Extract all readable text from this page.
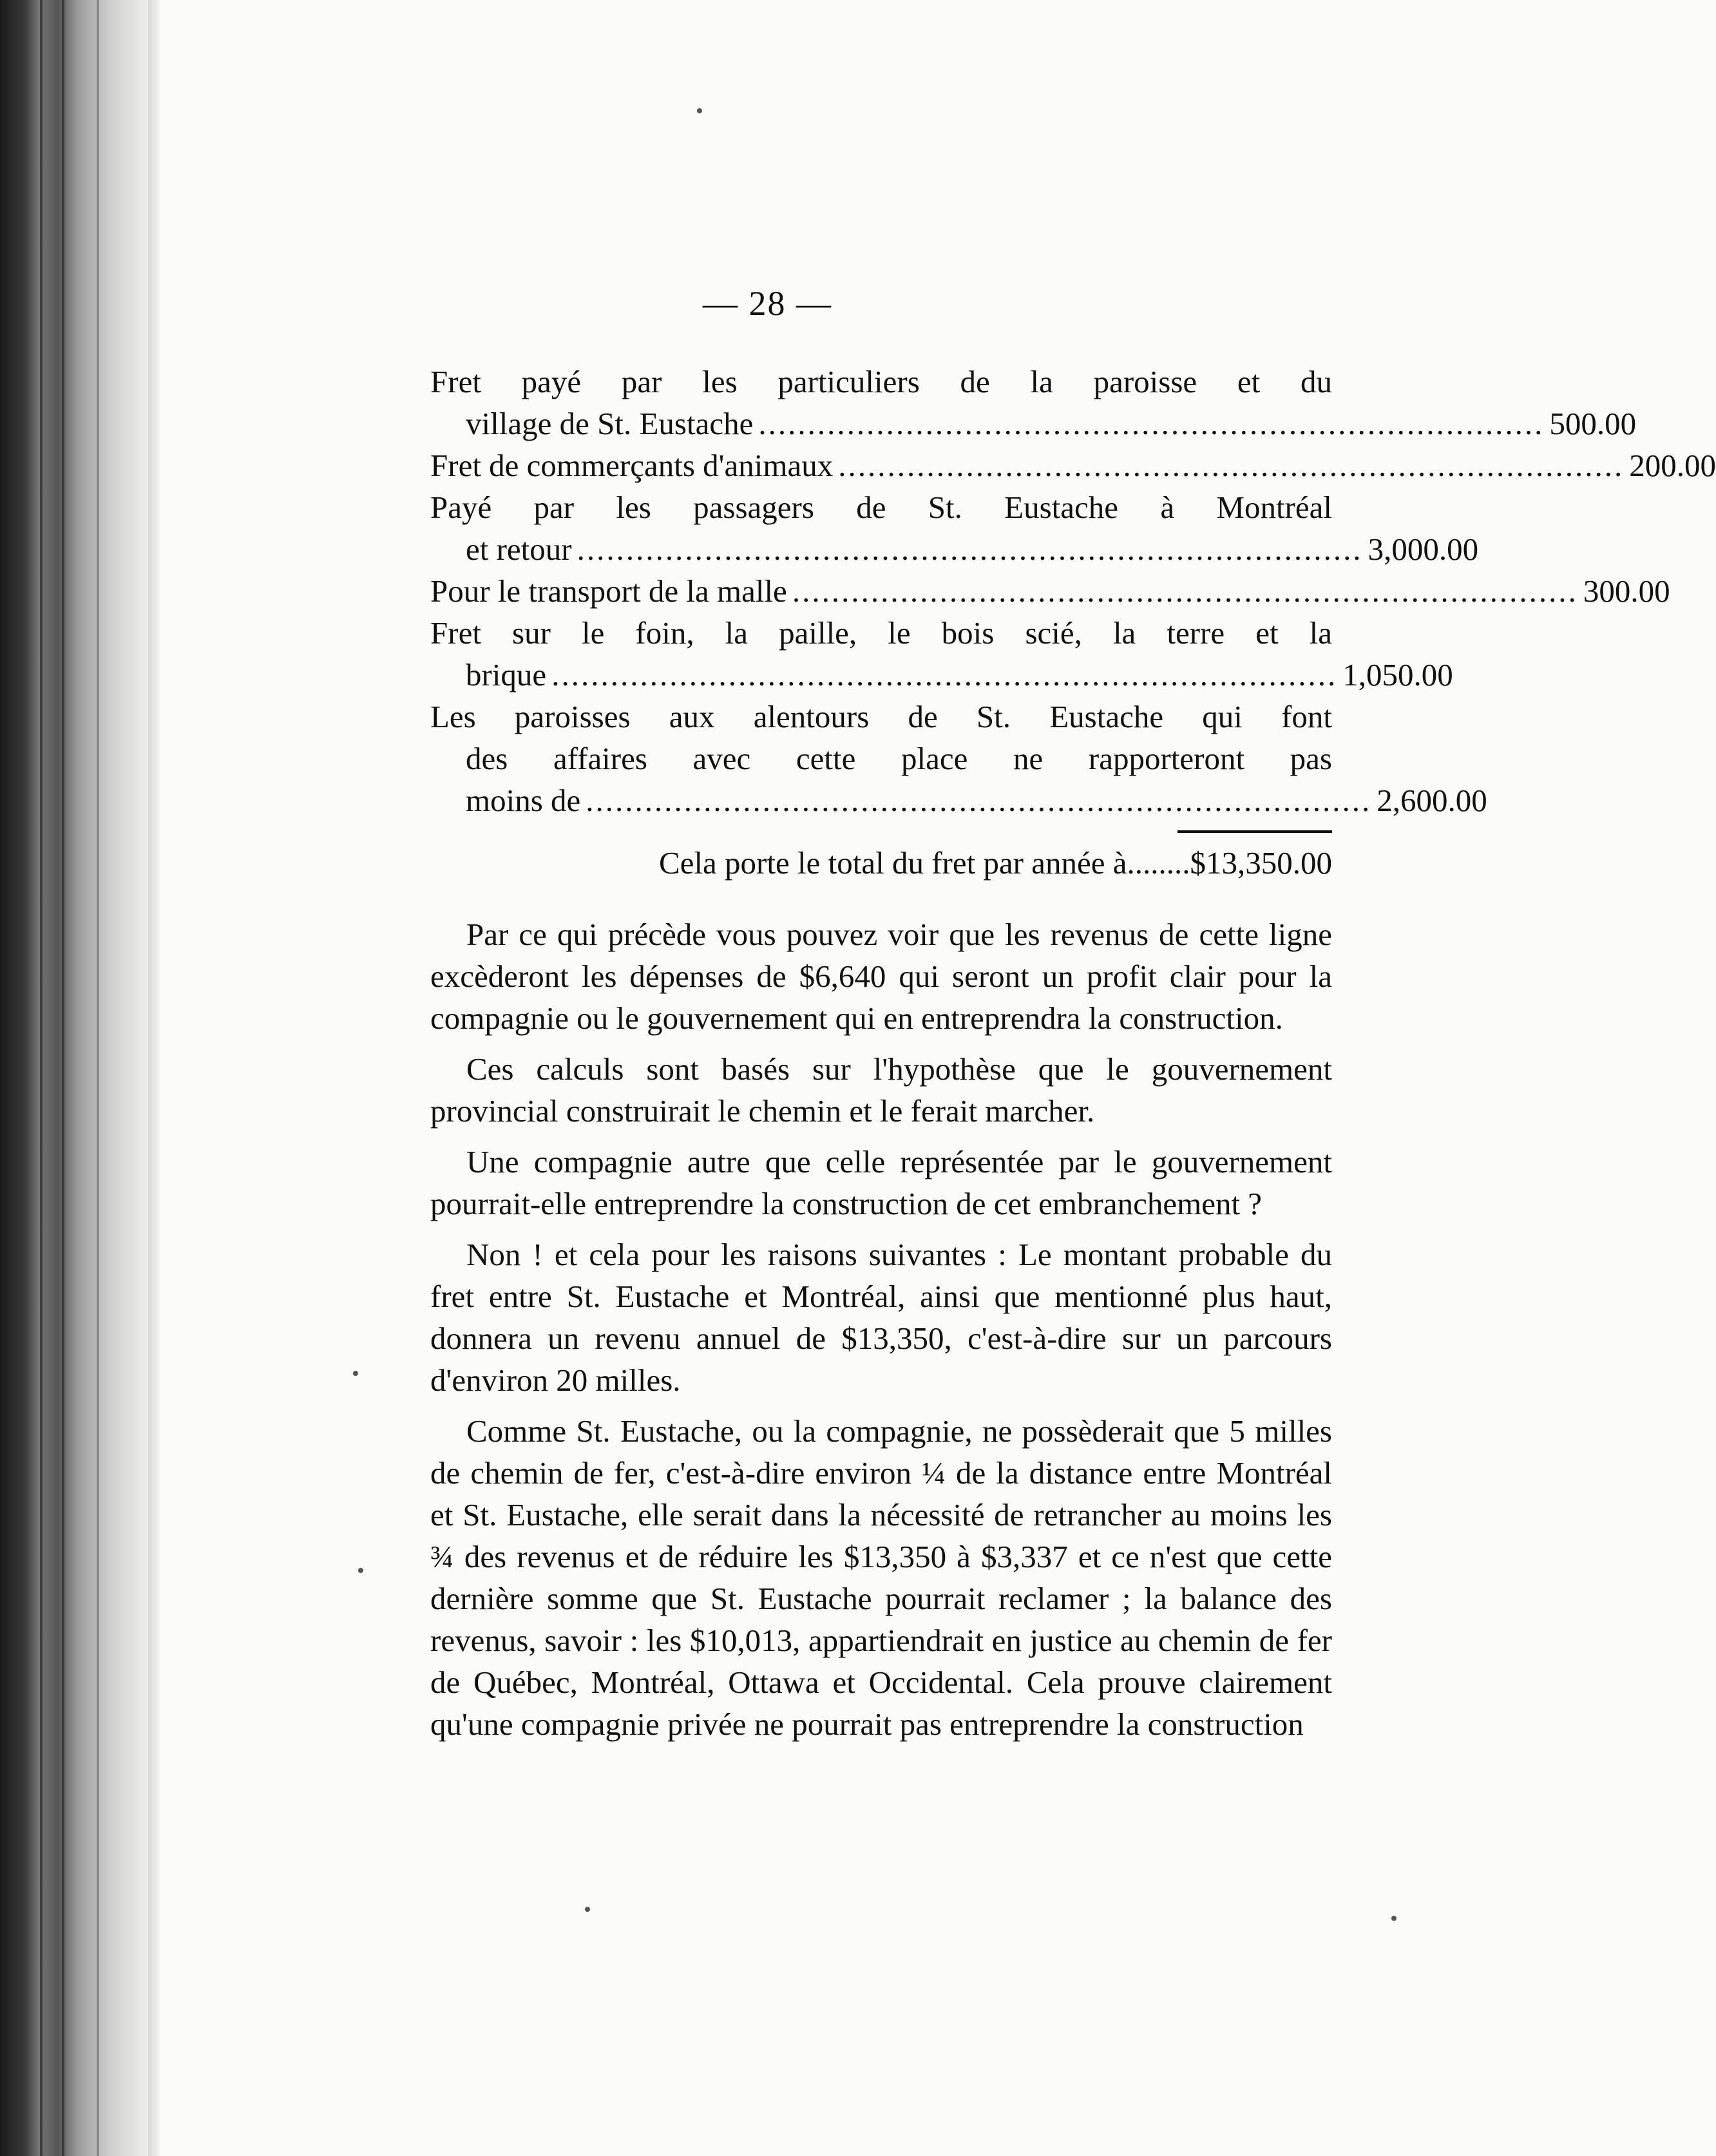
— 28 —
Fret payé par les particuliers de la paroisse et du
village de St. Eustache ................................................................................ 500.00
Fret de commerçants d'animaux ................................................................................ 200.00
Payé par les passagers de St. Eustache à Montréal
et retour ................................................................................ 3,000.00
Pour le transport de la malle ................................................................................ 300.00
Fret sur le foin, la paille, le bois scié, la terre et la
brique ................................................................................ 1,050.00
Les paroisses aux alentours de St. Eustache qui font
des affaires avec cette place ne rapporteront pas
moins de ................................................................................ 2,600.00
Cela porte le total du fret par année à........$13,350.00

Par ce qui précède vous pouvez voir que les revenus de cette ligne excèderont les dépenses de $6,640 qui seront un profit clair pour la compagnie ou le gouvernement qui en entreprendra la construction.

Ces calculs sont basés sur l'hypothèse que le gouvernement provincial construirait le chemin et le ferait marcher.

Une compagnie autre que celle représentée par le gouvernement pourrait-elle entreprendre la construction de cet embranchement ?

Non ! et cela pour les raisons suivantes : Le montant probable du fret entre St. Eustache et Montréal, ainsi que mentionné plus haut, donnera un revenu annuel de $13,350, c'est-à-dire sur un parcours d'environ 20 milles.

Comme St. Eustache, ou la compagnie, ne possèderait que 5 milles de chemin de fer, c'est-à-dire environ ¼ de la distance entre Montréal et St. Eustache, elle serait dans la nécessité de retrancher au moins les ¾ des revenus et de réduire les $13,350 à $3,337 et ce n'est que cette dernière somme que St. Eustache pourrait reclamer ; la balance des revenus, savoir : les $10,013, appartiendrait en justice au chemin de fer de Québec, Montréal, Ottawa et Occidental. Cela prouve clairement qu'une compagnie privée ne pourrait pas entreprendre la construction
